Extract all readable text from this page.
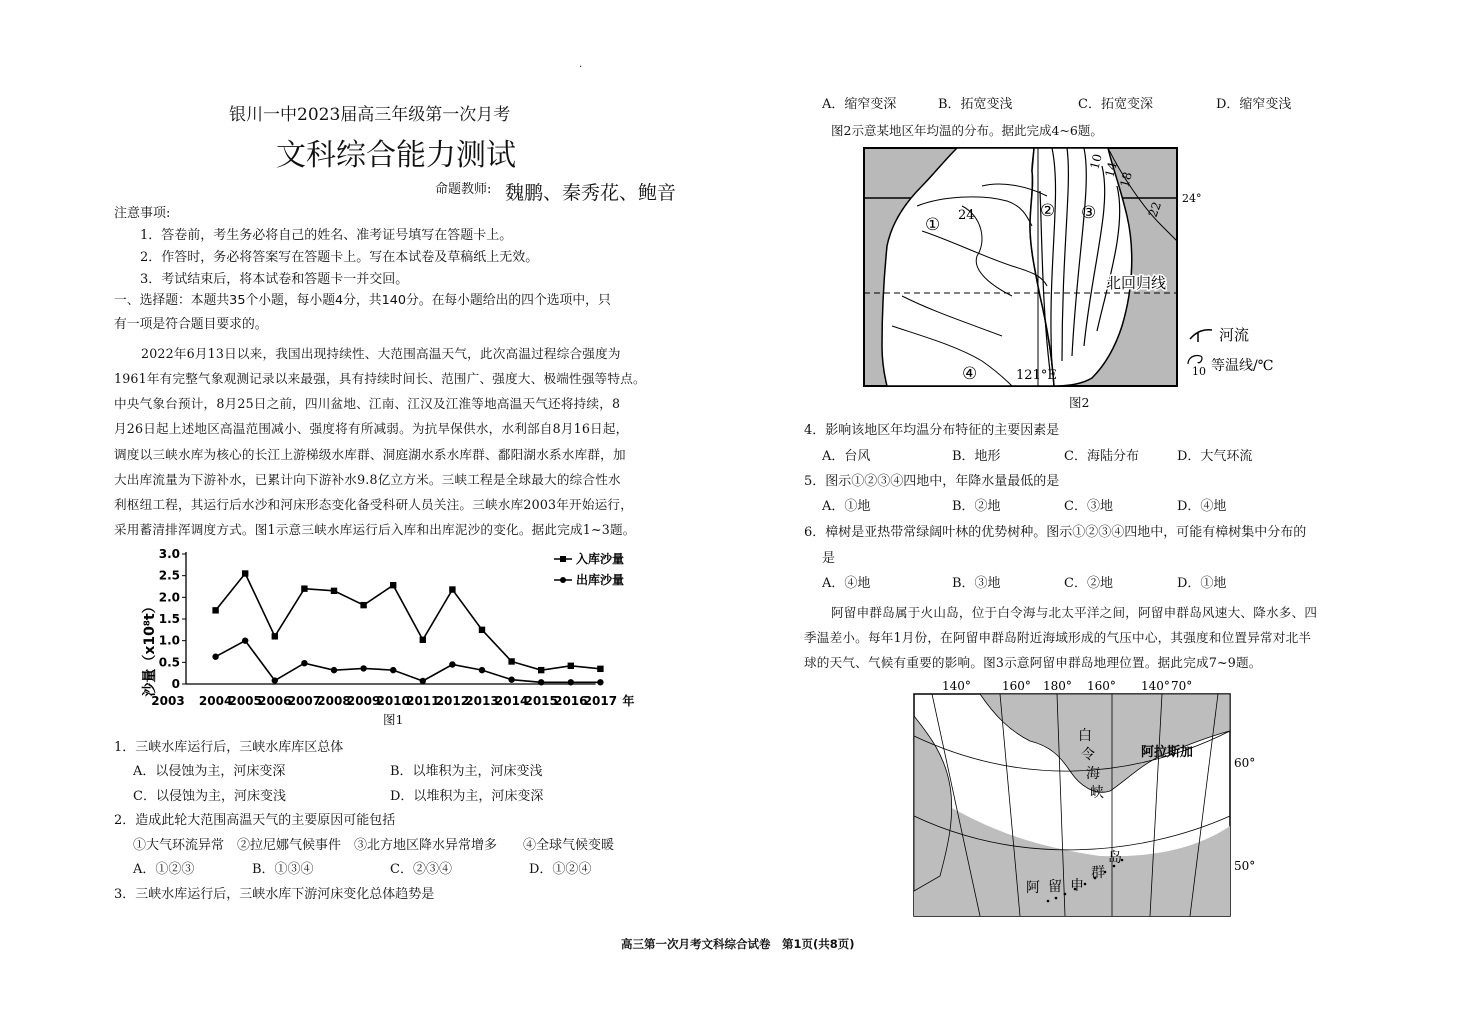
.
银川一中2023届高三年级第一次月考
文科综合能力测试
命题教师: 魏鹏、秦秀花、鲍音
注意事项:
1．答卷前，考生务必将自己的姓名、准考证号填写在答题卡上。
2．作答时，务必将答案写在答题卡上。写在本试卷及草稿纸上无效。
3．考试结束后，将本试卷和答题卡一并交回。
一、选择题：本题共35个小题，每小题4分，共140分。在每小题给出的四个选项中，只
有一项是符合题目要求的。
2022年6月13日以来，我国出现持续性、大范围高温天气，此次高温过程综合强度为
1961年有完整气象观测记录以来最强，具有持续时间长、范围广、强度大、极端性强等特点。
中央气象台预计，8月25日之前，四川盆地、江南、江汉及江淮等地高温天气还将持续，8
月26日起上述地区高温范围减小、强度将有所减弱。为抗旱保供水，水利部自8月16日起，
调度以三峡水库为核心的长江上游梯级水库群、洞庭湖水系水库群、鄱阳湖水系水库群，加
大出库流量为下游补水，已累计向下游补水9.8亿立方米。三峡工程是全球最大的综合性水
利枢纽工程，其运行后水沙和河床形态变化备受科研人员关注。三峡水库2003年开始运行，
采用蓄清排浑调度方式。图1示意三峡水库运行后入库和出库泥沙的变化。据此完成1~3题。
3.0
2.5
2.0
1.5
1.0
0.5
0
沙量（x10⁸t）
2003 2004
2005
2006
2007
2008
2009
2010
2011
2012
2013
2014
2015
2016
2017 年
入库沙量
出库沙量
图1
1．三峡水库运行后，三峡水库库区总体
A．以侵蚀为主，河床变深	B．以堆积为主，河床变浅
C．以侵蚀为主，河床变浅	D．以堆积为主，河床变深
2．造成此轮大范围高温天气的主要原因可能包括
①大气环流异常　②拉尼娜气候事件　③北方地区降水异常增多　　④全球气候变暖
A．①②③	B．①③④	C．②③④	D．①②④
3．三峡水库运行后，三峡水库下游河床变化总体趋势是
A．缩窄变深	B．拓宽变浅	C．拓宽变深	D．缩窄变浅
图2示意某地区年均温的分布。据此完成4~6题。
24°
24
10
14
18
22
①
② ③
④
北回归线
121°E
河流
10 等温线/℃
图2
4．影响该地区年均温分布特征的主要因素是
A．台风	B．地形	C．海陆分布	D．大气环流
5．图示①②③④四地中，年降水量最低的是
A．①地	B．②地	C．③地	D．④地
6．樟树是亚热带常绿阔叶林的优势树种。图示①②③④四地中，可能有樟树集中分布的
是
A．④地	B．③地	C．②地	D．①地
阿留申群岛属于火山岛，位于白令海与北太平洋之间，阿留申群岛风速大、降水多、四
季温差小。每年1月份，在阿留申群岛附近海域形成的气压中心，其强度和位置异常对北半
球的天气、气候有重要的影响。图3示意阿留申群岛地理位置。据此完成7~9题。
140°	160° 180° 160° 140° 70°
60°
50°
白
令
海
峡
阿拉斯加
阿 留 申
群
岛
高三第一次月考文科综合试卷　第1页(共8页)
